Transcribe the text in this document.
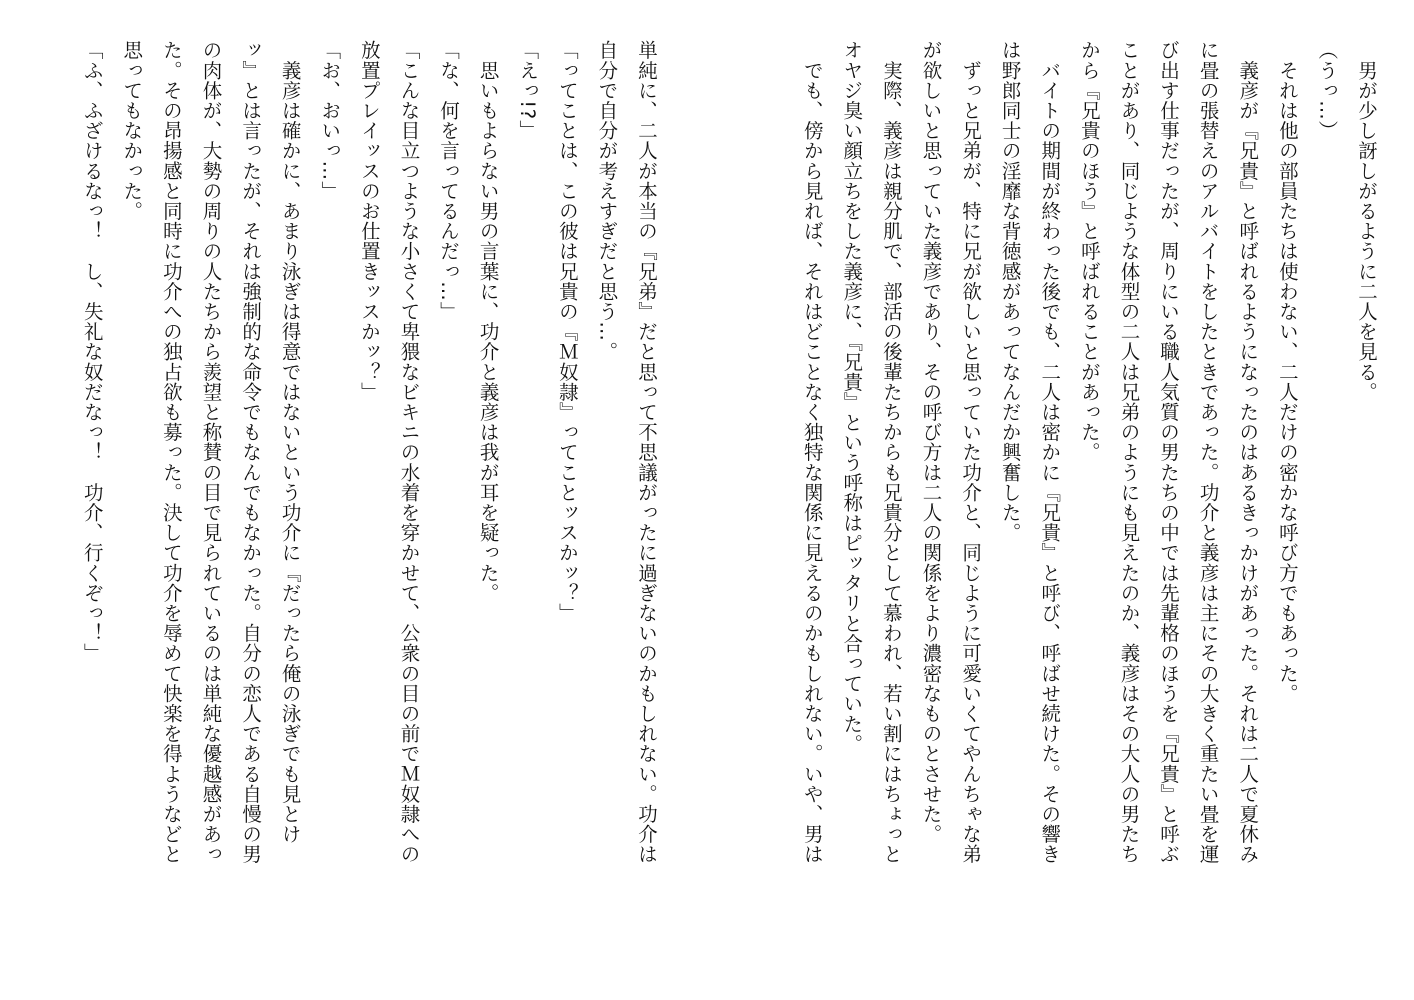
　男が少し訝しがるように二人を見る。
（うっ…）
　それは他の部員たちは使わない、二人だけの密かな呼び方でもあった。
　義彦が『兄貴』と呼ばれるようになったのはあるきっかけがあった。それは二人で夏休み
に畳の張替えのアルバイトをしたときであった。功介と義彦は主にその大きく重たい畳を運
び出す仕事だったが、周りにいる職人気質の男たちの中では先輩格のほうを『兄貴』と呼ぶ
ことがあり、同じような体型の二人は兄弟のようにも見えたのか、義彦はその大人の男たち
から『兄貴のほう』と呼ばれることがあった。
　バイトの期間が終わった後でも、二人は密かに『兄貴』と呼び、呼ばせ続けた。その響き
は野郎同士の淫靡な背徳感があってなんだか興奮した。
　ずっと兄弟が、特に兄が欲しいと思っていた功介と、同じように可愛いくてやんちゃな弟
が欲しいと思っていた義彦であり、その呼び方は二人の関係をより濃密なものとさせた。
　実際、義彦は親分肌で、部活の後輩たちからも兄貴分として慕われ、若い割にはちょっと
オヤジ臭い顔立ちをした義彦に、『兄貴』という呼称はピッタリと合っていた。
　でも、傍から見れば、それはどことなく独特な関係に見えるのかもしれない。いや、男は
単純に、二人が本当の『兄弟』だと思って不思議がったに過ぎないのかもしれない。功介は
自分で自分が考えすぎだと思う…。
「ってことは、この彼は兄貴の『Ｍ奴隷』ってことッスかッ？」
「えっ!?」
　思いもよらない男の言葉に、功介と義彦は我が耳を疑った。
「な、何を言ってるんだっ…」
「こんな目立つような小さくて卑猥なビキニの水着を穿かせて、公衆の目の前でＭ奴隷への
放置プレイッスのお仕置きッスかッ？」
「お、おいっ…」
　義彦は確かに、あまり泳ぎは得意ではないという功介に『だったら俺の泳ぎでも見とけ
ッ』とは言ったが、それは強制的な命令でもなんでもなかった。自分の恋人である自慢の男
の肉体が、大勢の周りの人たちから羨望と称賛の目で見られているのは単純な優越感があっ
た。その昂揚感と同時に功介への独占欲も募った。決して功介を辱めて快楽を得ようなどと
思ってもなかった。
「ふ、ふざけるなっ！　し、失礼な奴だなっ！　功介、行くぞっ！」
